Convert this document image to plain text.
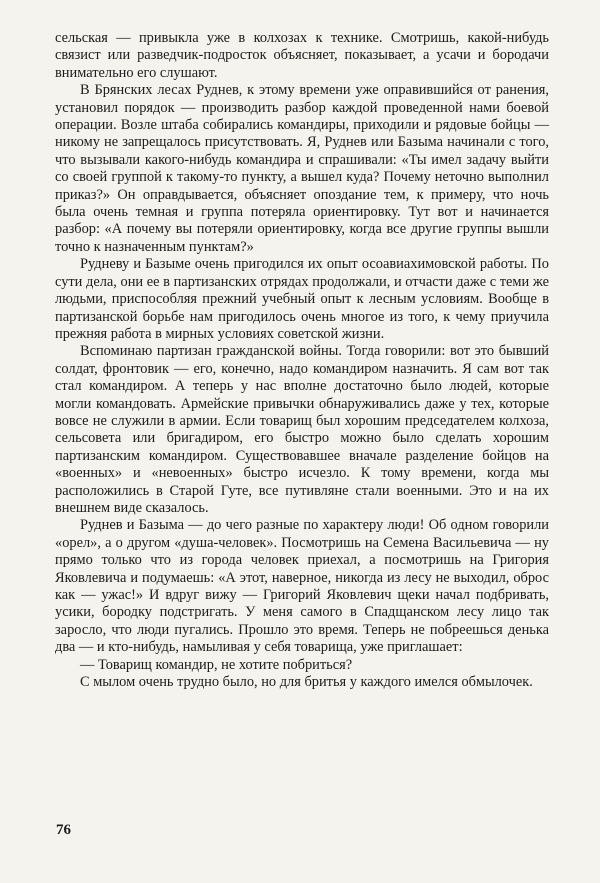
сельская — привыкла уже в колхозах к технике. Смотришь, какой-нибудь связист или разведчик-подросток объясняет, показывает, а усачи и бородачи внимательно его слушают.

В Брянских лесах Руднев, к этому времени уже оправившийся от ранения, установил порядок — производить разбор каждой проведенной нами боевой операции. Возле штаба собирались командиры, приходили и рядовые бойцы — никому не запрещалось присутствовать. Я, Руднев или Базыма начинали с того, что вызывали какого-нибудь командира и спрашивали: «Ты имел задачу выйти со своей группой к такому-то пункту, а вышел куда? Почему неточно выполнил приказ?» Он оправдывается, объясняет опоздание тем, к примеру, что ночь была очень темная и группа потеряла ориентировку. Тут вот и начинается разбор: «А почему вы потеряли ориентировку, когда все другие группы вышли точно к назначенным пунктам?»

Рудневу и Базыме очень пригодился их опыт осоавиахимовской работы. По сути дела, они ее в партизанских отрядах продолжали, и отчасти даже с теми же людьми, приспособляя прежний учебный опыт к лесным условиям. Вообще в партизанской борьбе нам пригодилось очень многое из того, к чему приучила прежняя работа в мирных условиях советской жизни.

Вспоминаю партизан гражданской войны. Тогда говорили: вот это бывший солдат, фронтовик — его, конечно, надо командиром назначить. Я сам вот так стал командиром. А теперь у нас вполне достаточно было людей, которые могли командовать. Армейские привычки обнаруживались даже у тех, которые вовсе не служили в армии. Если товарищ был хорошим председателем колхоза, сельсовета или бригадиром, его быстро можно было сделать хорошим партизанским командиром. Существовавшее вначале разделение бойцов на «военных» и «невоенных» быстро исчезло. К тому времени, когда мы расположились в Старой Гуте, все путивляне стали военными. Это и на их внешнем виде сказалось.

Руднев и Базыма — до чего разные по характеру люди! Об одном говорили «орел», а о другом «душа-человек». Посмотришь на Семена Васильевича — ну прямо только что из города человек приехал, а посмотришь на Григория Яковлевича и подумаешь: «А этот, наверное, никогда из лесу не выходил, оброс как — ужас!» И вдруг вижу — Григорий Яковлевич щеки начал подбривать, усики, бородку подстригать. У меня самого в Спадщанском лесу лицо так заросло, что люди пугались. Прошло это время. Теперь не побреешься денька два — и кто-нибудь, намыливая у себя товарища, уже приглашает:

— Товарищ командир, не хотите побриться?

С мылом очень трудно было, но для бритья у каждого имелся обмылочек.

76
